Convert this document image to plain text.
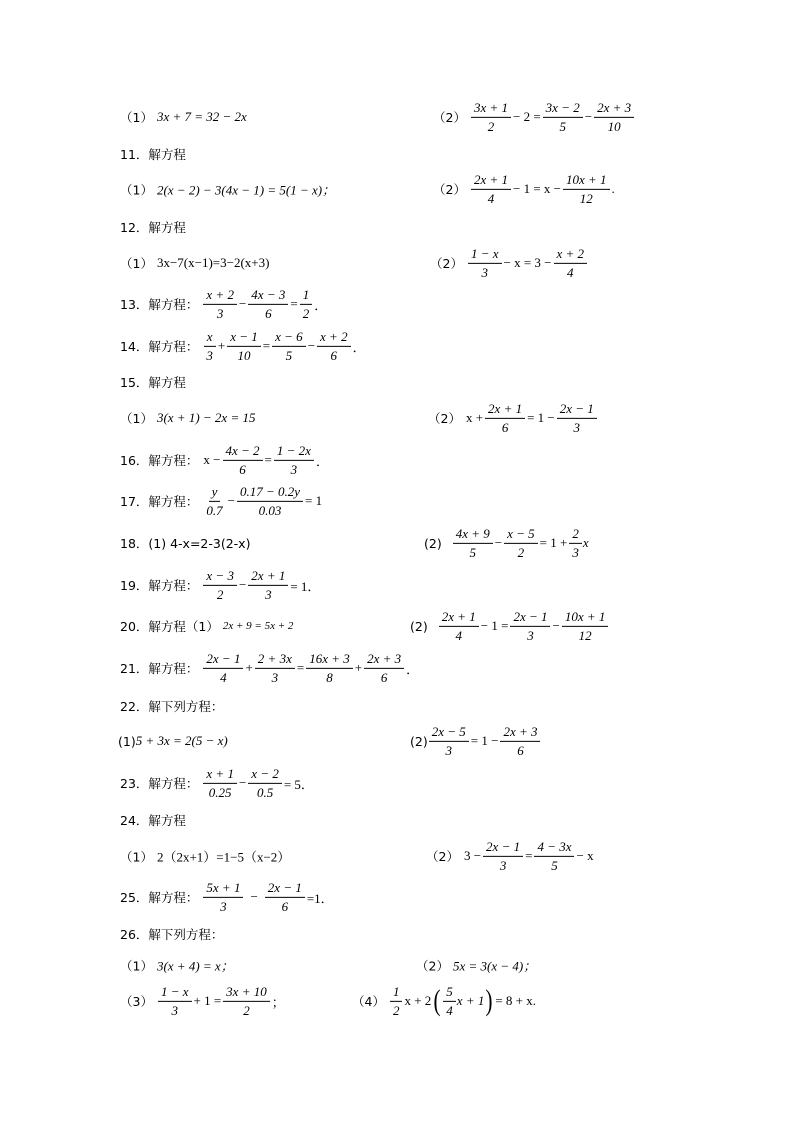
（1） 3x + 7 = 32 − 2x	（2）
3x + 1
2
− $2 = \frac{3x - 2}{5} - \frac{2x + 3}{10}$
11．解方程
（1） 2(x − 2) − 3(4x − 1) = 5(1 − x)；	（2）
2x + 1
4
− $1 = x - \frac{10x + 1}{12}$ .
12．解方程
（1） 3x−7(x−1)=3−2(x+3)	（2）
1 − x
3
− $x = 3 - \frac{x + 2}{4}$
13．解方程：
x + 2
3
− $\frac{4x - 3}{6} = \frac{1}{2}$ ．
14．解方程：
x
3
+ $\frac{x - 1}{10} = \frac{x - 6}{5} - \frac{x + 2}{6}$ ．
15．解方程
（1） 3(x + 1) − 2x = 15	（2） $x + \frac{2x + 1}{6} = 1 - \frac{2x - 1}{3}$
16．解方程： $x - \frac{4x - 2}{6} = \frac{1 - 2x}{3}$ ．
17．解方程：
y
0.7
− $\frac{0.17 - 0.2y}{0.03} = 1$
18．(1) 4-x=2-3(2-x)	(2)
4x + 9
5
− $\frac{x - 5}{2} = 1 + \frac{2}{3}$ x
19．解方程：
x − 3
2
− $\frac{2x + 1}{3} = 1$．
20．解方程（1） 2x + 9 = 5x + 2	(2)
2x + 1
4
− $1 = \frac{2x - 1}{3} - \frac{10x + 1}{12}$
21．解方程：
2x − 1
4
+ $\frac{2 + 3x}{3} = \frac{16x + 3}{8} + \frac{2x + 3}{6}$ ．
22．解下列方程：
(1) 5 + 3x = 2(5 − x)	$(2) \frac{2x - 5}{3} = 1 - \frac{2x + 3}{6}$
23．解方程：
x + 1
0.25
− $\frac{x - 2}{0.5} = 5$．
24．解方程
（1） 2（2x+1）=1−5（x−2）	（2） $3 - \frac{2x - 1}{3} = \frac{4 - 3x}{5} - x$
25．解方程：
5x + 1
3
− $\frac{2x - 1}{6} =1$．
26．解下列方程：
（1） 3(x + 4) = x；	（2） 5x = 3(x − 4)；
（3）
1 − x
3
+ $1 = \frac{3x + 10}{2}$ ；	（4）
1
2
x + 2 ( 5
4
x + 1 ) = 8 + x.
